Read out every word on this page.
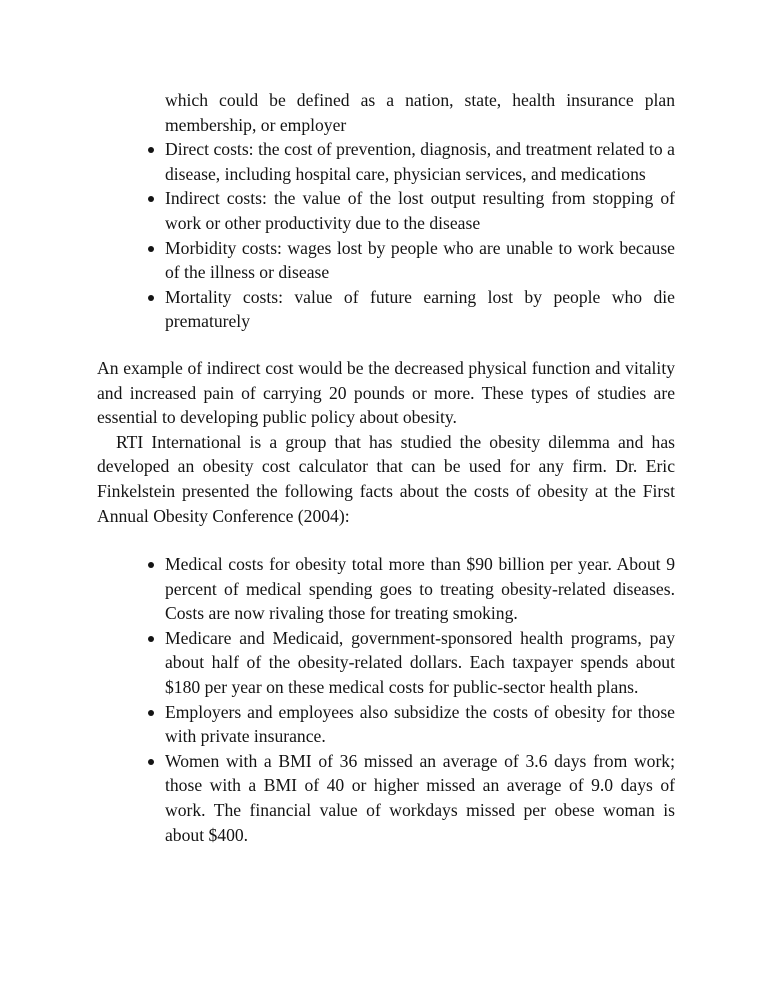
which could be defined as a nation, state, health insurance plan membership, or employer
Direct costs: the cost of prevention, diagnosis, and treatment related to a disease, including hospital care, physician services, and medications
Indirect costs: the value of the lost output resulting from stopping of work or other productivity due to the disease
Morbidity costs: wages lost by people who are unable to work because of the illness or disease
Mortality costs: value of future earning lost by people who die prematurely

An example of indirect cost would be the decreased physical function and vitality and increased pain of carrying 20 pounds or more. These types of studies are essential to developing public policy about obesity.

RTI International is a group that has studied the obesity dilemma and has developed an obesity cost calculator that can be used for any firm. Dr. Eric Finkelstein presented the following facts about the costs of obesity at the First Annual Obesity Conference (2004):

Medical costs for obesity total more than $90 billion per year. About 9 percent of medical spending goes to treating obesity-related diseases. Costs are now rivaling those for treating smoking.
Medicare and Medicaid, government-sponsored health programs, pay about half of the obesity-related dollars. Each taxpayer spends about $180 per year on these medical costs for public-sector health plans.
Employers and employees also subsidize the costs of obesity for those with private insurance.
Women with a BMI of 36 missed an average of 3.6 days from work; those with a BMI of 40 or higher missed an average of 9.0 days of work. The financial value of workdays missed per obese woman is about $400.
